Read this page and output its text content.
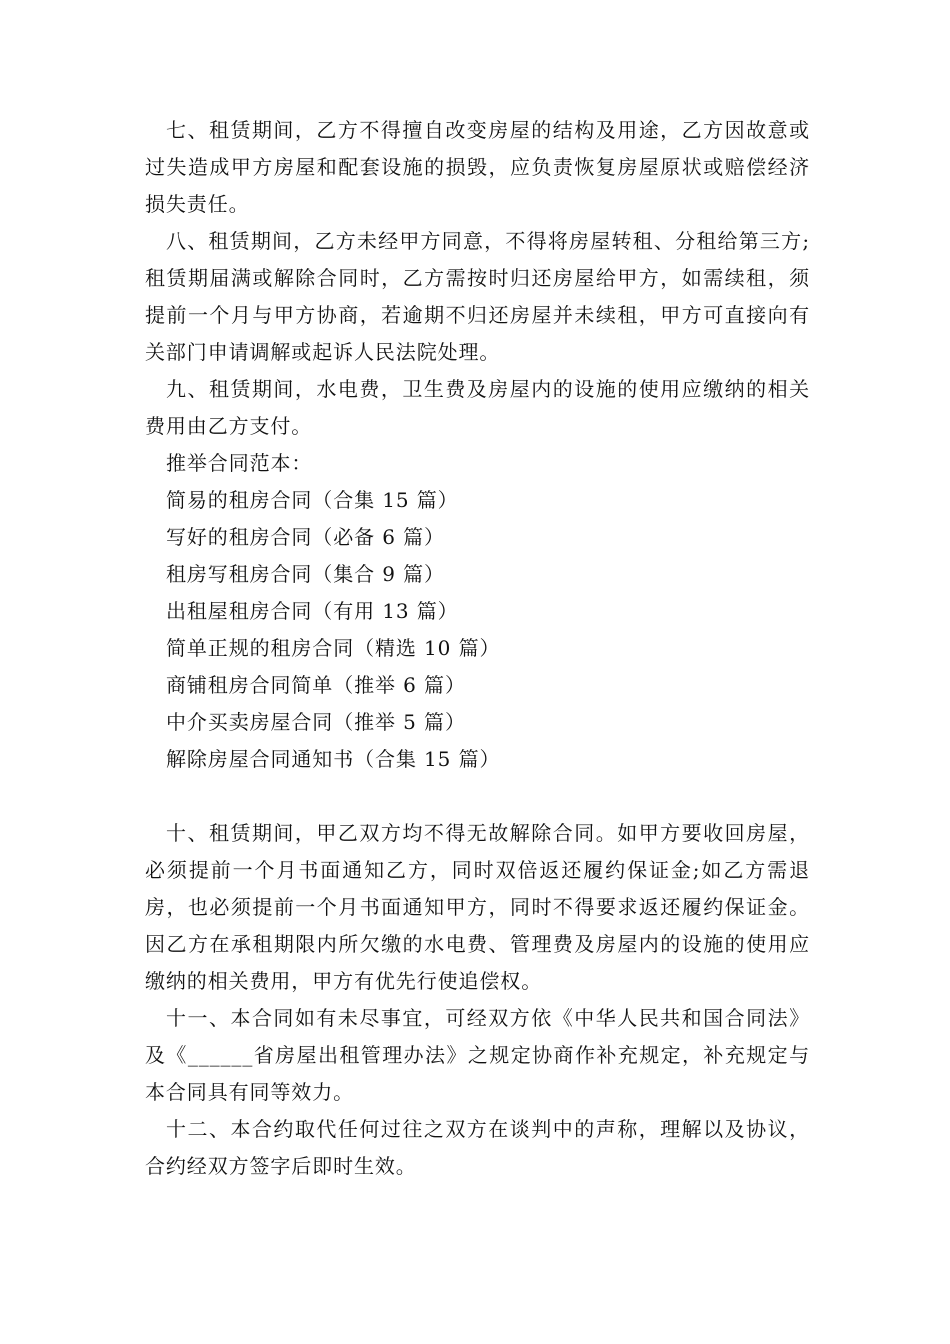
七、租赁期间，乙方不得擅自改变房屋的结构及用途，乙方因故意或过失造成甲方房屋和配套设施的损毁，应负责恢复房屋原状或赔偿经济损失责任。

八、租赁期间，乙方未经甲方同意，不得将房屋转租、分租给第三方;租赁期届满或解除合同时，乙方需按时归还房屋给甲方，如需续租，须提前一个月与甲方协商，若逾期不归还房屋并未续租，甲方可直接向有关部门申请调解或起诉人民法院处理。

九、租赁期间，水电费，卫生费及房屋内的设施的使用应缴纳的相关费用由乙方支付。

推举合同范本：
简易的租房合同（合集 15 篇）
写好的租房合同（必备 6 篇）
租房写租房合同（集合 9 篇）
出租屋租房合同（有用 13 篇）
简单正规的租房合同（精选 10 篇）
商铺租房合同简单（推举 6 篇）
中介买卖房屋合同（推举 5 篇）
解除房屋合同通知书（合集 15 篇）

十、租赁期间，甲乙双方均不得无故解除合同。如甲方要收回房屋，必须提前一个月书面通知乙方，同时双倍返还履约保证金;如乙方需退房，也必须提前一个月书面通知甲方，同时不得要求返还履约保证金。因乙方在承租期限内所欠缴的水电费、管理费及房屋内的设施的使用应缴纳的相关费用，甲方有优先行使追偿权。

十一、本合同如有未尽事宜，可经双方依《中华人民共和国合同法》及《______省房屋出租管理办法》之规定协商作补充规定，补充规定与本合同具有同等效力。

十二、本合约取代任何过往之双方在谈判中的声称，理解以及协议，合约经双方签字后即时生效。
